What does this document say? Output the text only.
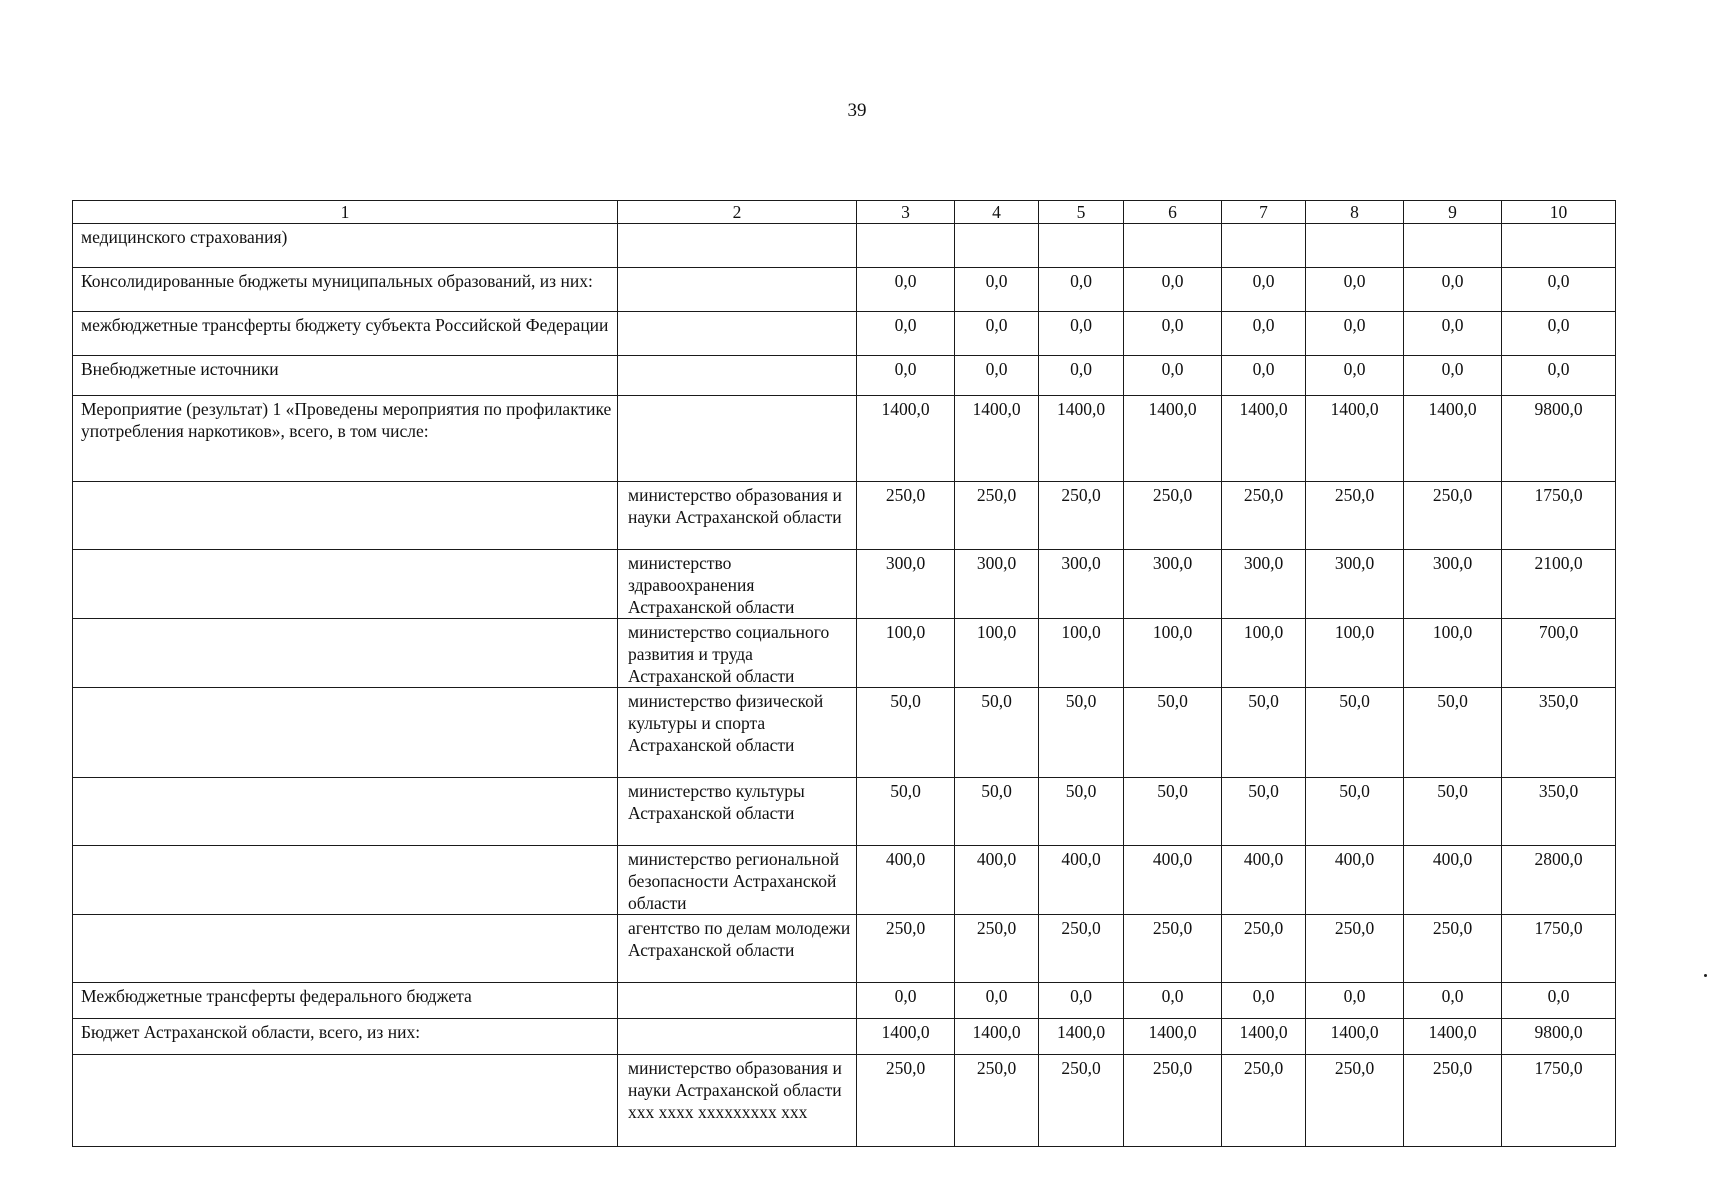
39
1	2	3	4	5	6	7	8	9	10
медицинского страхования)	

Консолидированные бюджеты муниципальных образований, из них:		0,0	0,0	0,0	0,0	0,0	0,0	0,0	0,0
межбюджетные трансферты бюджету субъекта Российской Федерации		0,0	0,0	0,0	0,0	0,0	0,0	0,0	0,0
Внебюджетные источники		0,0	0,0	0,0	0,0	0,0	0,0	0,0	0,0
Мероприятие (результат) 1 «Проведены мероприятия по профилактике употребления наркотиков», всего, в том числе:		1400,0	1400,0	1400,0	1400,0	1400,0	1400,0	1400,0	9800,0

	министерство образования и науки Астраханской области	250,0	250,0	250,0	250,0	250,0	250,0	250,0	1750,0

	министерство здравоохранения Астраханской области	300,0	300,0	300,0	300,0	300,0	300,0	300,0	2100,0

	министерство социального развития и труда Астраханской области	100,0	100,0	100,0	100,0	100,0	100,0	100,0	700,0

	министерство физической культуры и спорта Астраханской области	50,0	50,0	50,0	50,0	50,0	50,0	50,0	350,0

	министерство культуры Астраханской области	50,0	50,0	50,0	50,0	50,0	50,0	50,0	350,0

	министерство региональной безопасности Астраханской области	400,0	400,0	400,0	400,0	400,0	400,0	400,0	2800,0

	агентство по делам молодежи Астраханской области	250,0	250,0	250,0	250,0	250,0	250,0	250,0	1750,0
Межбюджетные трансферты федерального бюджета		0,0	0,0	0,0	0,0	0,0	0,0	0,0	0,0
Бюджет Астраханской области, всего, из них:		1400,0	1400,0	1400,0	1400,0	1400,0	1400,0	1400,0	9800,0

	министерство образования и науки Астраханской области
ххх хххх ххххххххх ххх	250,0	250,0	250,0	250,0	250,0	250,0	250,0	1750,0
